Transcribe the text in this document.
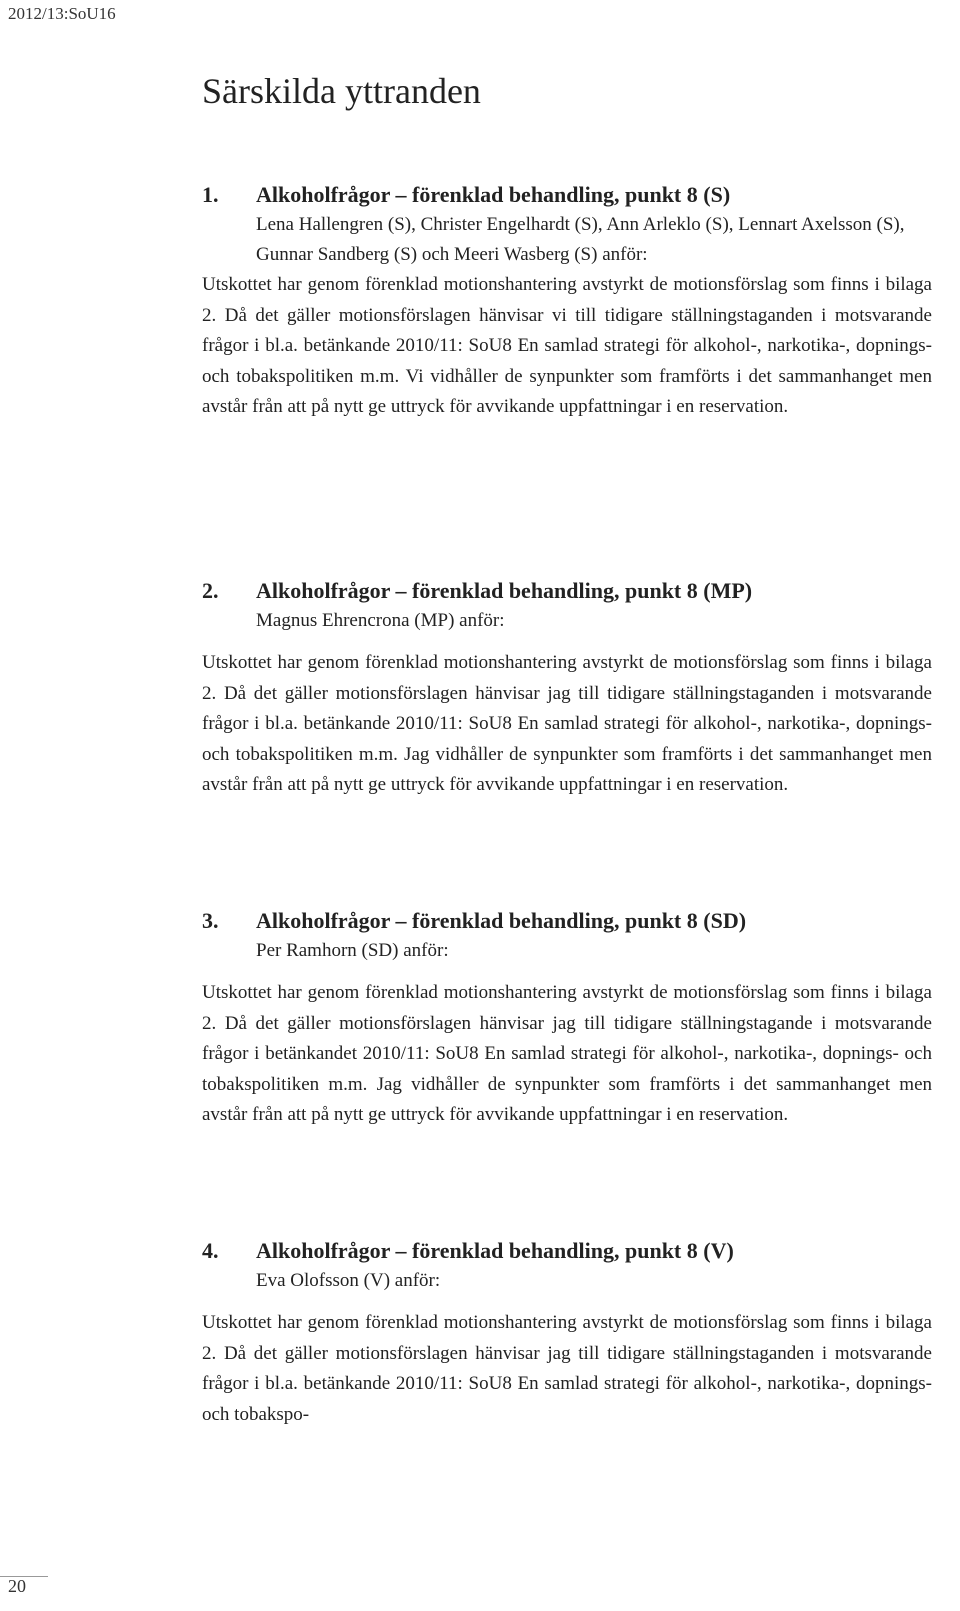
2012/13:SoU16
Särskilda yttranden
1.	Alkoholfrågor – förenklad behandling, punkt 8 (S)
Lena Hallengren (S), Christer Engelhardt (S), Ann Arleklo (S), Lennart Axelsson (S), Gunnar Sandberg (S) och Meeri Wasberg (S) anför:
Utskottet har genom förenklad motionshantering avstyrkt de motionsförslag som finns i bilaga 2. Då det gäller motionsförslagen hänvisar vi till tidigare ställningstaganden i motsvarande frågor i bl.a. betänkande 2010/11: SoU8 En samlad strategi för alkohol-, narkotika-, dopnings- och tobakspolitiken m.m. Vi vidhåller de synpunkter som framförts i det sammanhanget men avstår från att på nytt ge uttryck för avvikande uppfattningar i en reservation.
2.	Alkoholfrågor – förenklad behandling, punkt 8 (MP)
Magnus Ehrencrona (MP) anför:
Utskottet har genom förenklad motionshantering avstyrkt de motionsförslag som finns i bilaga 2. Då det gäller motionsförslagen hänvisar jag till tidigare ställningstaganden i motsvarande frågor i bl.a. betänkande 2010/11: SoU8 En samlad strategi för alkohol-, narkotika-, dopnings- och tobakspolitiken m.m. Jag vidhåller de synpunkter som framförts i det sammanhanget men avstår från att på nytt ge uttryck för avvikande uppfattningar i en reservation.
3.	Alkoholfrågor – förenklad behandling, punkt 8 (SD)
Per Ramhorn (SD) anför:
Utskottet har genom förenklad motionshantering avstyrkt de motionsförslag som finns i bilaga 2. Då det gäller motionsförslagen hänvisar jag till tidigare ställningstagande i motsvarande frågor i betänkandet 2010/11: SoU8 En samlad strategi för alkohol-, narkotika-, dopnings- och tobakspolitiken m.m. Jag vidhåller de synpunkter som framförts i det sammanhanget men avstår från att på nytt ge uttryck för avvikande uppfattningar i en reservation.
4.	Alkoholfrågor – förenklad behandling, punkt 8 (V)
Eva Olofsson (V) anför:
Utskottet har genom förenklad motionshantering avstyrkt de motionsförslag som finns i bilaga 2. Då det gäller motionsförslagen hänvisar jag till tidigare ställningstaganden i motsvarande frågor i bl.a. betänkande 2010/11: SoU8 En samlad strategi för alkohol-, narkotika-, dopnings- och tobakspo-
20
